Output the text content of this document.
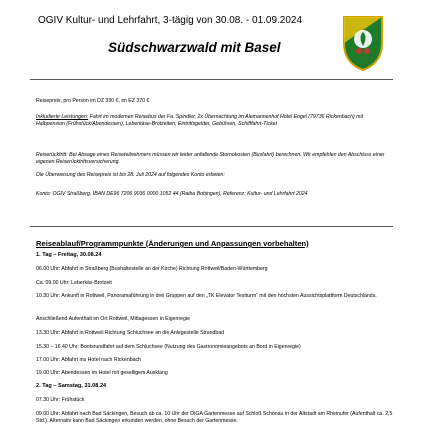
OGIV Kultur- und Lehrfahrt, 3-tägig von 30.08. - 01.09.2024
Südschwarzwald mit Basel
Reisepreis, pro Person im DZ 330 €, im EZ 370 €
Inkludierte Leistungen: Fahrt im modernen Reisebus der Fa. Spindler, 2x Übernachtung im Alemannenhof Hotel Engel (79736 Rickenbach) mit Halbpension (Frühstück/Abendessen), Leberkäse-Brotzeiten, Eintrittsgelder, Gebühren, Schifffahrt-Ticket
Reiserücktritt: Bei Absage eines Reiseteilnehmers müssen wir leider anfallende Stornokosten (Busfahrt) berechnen. Wir empfehlen den Abschluss einer eigenen Reiserücktrittsversicherung.
Die Überweisung des Reisepreis ist bis 28. Juli 2024 auf folgendes Konto erbeten:
Konto: OGIV Straßberg, IBAN DE96 7206 9036 0000 1052 44 (Raiba Bobingen), Referenz: Kultur- und Lehrfahrt 2024
Reiseablauf/Programmpunkte (Änderungen und Anpassungen vorbehalten)
1. Tag – Freitag, 30.08.24
06.00 Uhr: Abfahrt in Straßberg (Bushaltestelle an der Kirche) Richtung Rottweil/Baden-Württemberg
Ca. 09.00 Uhr: Leberkäs-Brotzeit
10.30 Uhr: Ankunft in Rottweil, Panoramaführung in drei Gruppen auf den „TK Elevator Testturm“ mit den höchsten Aussichtsplattform Deutschlands.
Anschließend Aufenthalt im Ort Rottweil, Mittagessen in Eigenregie
13.30 Uhr: Abfahrt in Rottweil Richtung Schluchsee an die Anlegestelle Strandbad
15.30 – 16.40 Uhr: Bootsrundfahrt auf dem Schluchsee (Nutzung des Gastronomieangebots an Bord in Eigenregie)
17.00 Uhr: Abfahrt ins Hotel nach Rickenbach
19.00 Uhr: Abendessen im Hotel mit geselligem Ausklang
2. Tag – Samstag, 31.08.24
07.30 Uhr: Frühstück
09.00 Uhr: Abfahrt nach Bad Säckingen, Besuch ab ca. 10 Uhr der DIGA Gartenmesse auf Schloß Schönau in der Altstadt am Rheinufer (Aufenthalt ca. 2,5 Std.). Alternativ kann Bad Säckingen erkunden werden, ohne Besuch der Gartenmesse.
